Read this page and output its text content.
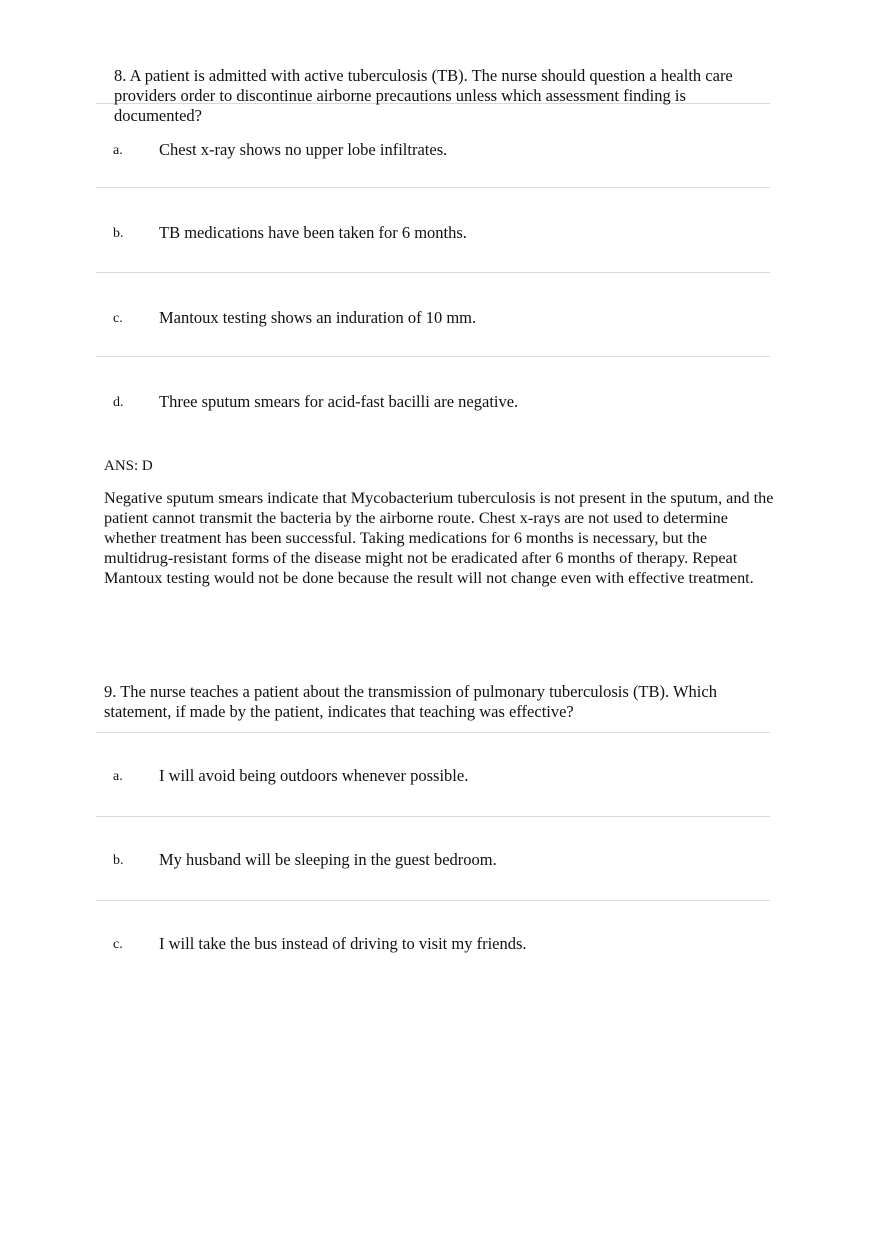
8. A patient is admitted with active tuberculosis (TB). The nurse should question a health care providers order to discontinue airborne precautions unless which assessment finding is documented?

a. Chest x-ray shows no upper lobe infiltrates.
b. TB medications have been taken for 6 months.
c. Mantoux testing shows an induration of 10 mm.
d. Three sputum smears for acid-fast bacilli are negative.
ANS: D

Negative sputum smears indicate that Mycobacterium tuberculosis is not present in the sputum, and the patient cannot transmit the bacteria by the airborne route. Chest x-rays are not used to determine whether treatment has been successful. Taking medications for 6 months is necessary, but the multidrug-resistant forms of the disease might not be eradicated after 6 months of therapy. Repeat Mantoux testing would not be done because the result will not change even with effective treatment.

9. The nurse teaches a patient about the transmission of pulmonary tuberculosis (TB). Which statement, if made by the patient, indicates that teaching was effective?

a. I will avoid being outdoors whenever possible.
b. My husband will be sleeping in the guest bedroom.
c. I will take the bus instead of driving to visit my friends.
